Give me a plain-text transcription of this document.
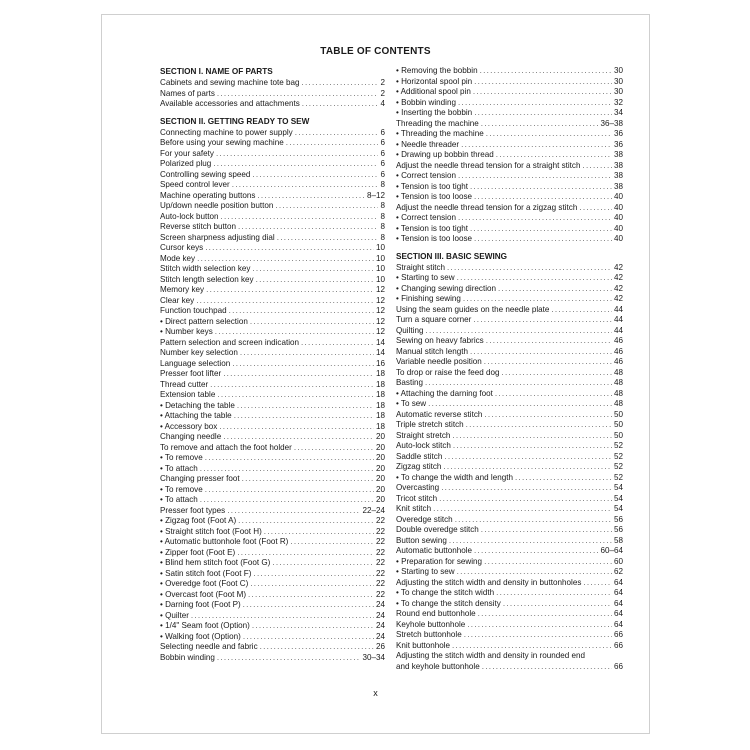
TABLE OF CONTENTS
SECTION I. NAME OF PARTS
Cabinets and sewing machine tote bag . . .	2
Names of parts . . .	2
Available accessories and attachments . . .	4
SECTION II. GETTING READY TO SEW
Connecting machine to power supply . . .	6
Before using your sewing machine . . .	6
For your safety . . .	6
Polarized plug . . .	6
Controlling sewing speed . . .	6
Speed control lever . . .	8
Machine operating buttons . . .	8–12
Up/down needle position button . . .	8
Auto-lock button . . .	8
Reverse stitch button . . .	8
Screen sharpness adjusting dial . . .	8
Cursor keys . . .	10
Mode key . . .	10
Stitch width selection key . . .	10
Stitch length selection key . . .	10
Memory key . . .	12
Clear key . . .	12
Function touchpad . . .	12
• Direct pattern selection . . .	12
• Number keys . . .	12
Pattern selection and screen indication . . .	14
Number key selection . . .	14
Language selection . . .	16
Presser foot lifter . . .	18
Thread cutter . . .	18
Extension table . . .	18
• Detaching the table . . .	18
• Attaching the table . . .	18
• Accessory box . . .	18
Changing needle . . .	20
To remove and attach the foot holder . . .	20
• To remove . . .	20
• To attach . . .	20
Changing presser foot . . .	20
• To remove . . .	20
• To attach . . .	20
Presser foot types . . .	22–24
• Zigzag foot (Foot A) . . .	22
• Straight stitch foot (Foot H) . . .	22
• Automatic buttonhole foot (Foot R) . . .	22
• Zipper foot (Foot E) . . .	22
• Blind hem stitch foot (Foot G) . . .	22
• Satin stitch foot (Foot F) . . .	22
• Overedge foot (Foot C) . . .	22
• Overcast foot (Foot M) . . .	22
• Darning foot (Foot P) . . .	24
• Quilter . . .	24
• 1/4" Seam foot (Option) . . .	24
• Walking foot (Option) . . .	24
Selecting needle and fabric . . .	26
Bobbin winding . . .	30–34
• Removing the bobbin . . .	30
• Horizontal spool pin . . .	30
• Additional spool pin . . .	30
• Bobbin winding . . .	32
• Inserting the bobbin . . .	34
Threading the machine . . .	36–38
• Threading the machine . . .	36
• Needle threader . . .	36
• Drawing up bobbin thread . . .	38
Adjust the needle thread tension for a straight stitch . . .	38
• Correct tension . . .	38
• Tension is too tight . . .	38
• Tension is too loose . . .	40
Adjust the needle thread tension for a zigzag stitch . . .	40
• Correct tension . . .	40
• Tension is too tight . . .	40
• Tension is too loose . . .	40
SECTION III. BASIC SEWING
Straight stitch . . .	42
• Starting to sew . . .	42
• Changing sewing direction . . .	42
• Finishing sewing . . .	42
Using the seam guides on the needle plate . . .	44
Turn a square corner . . .	44
Quilting . . .	44
Sewing on heavy fabrics . . .	46
Manual stitch length . . .	46
Variable needle position . . .	46
To drop or raise the feed dog . . .	48
Basting . . .	48
• Attaching the darning foot . . .	48
• To sew . . .	48
Automatic reverse stitch . . .	50
Triple stretch stitch . . .	50
Straight stretch . . .	50
Auto-lock stitch . . .	52
Saddle stitch . . .	52
Zigzag stitch . . .	52
• To change the width and length . . .	52
Overcasting . . .	54
Tricot stitch . . .	54
Knit stitch . . .	54
Overedge stitch . . .	56
Double overedge stitch . . .	56
Button sewing . . .	58
Automatic buttonhole . . .	60–64
• Preparation for sewing . . .	60
• Starting to sew . . .	62
Adjusting the stitch width and density in buttonholes . . .	64
• To change the stitch width . . .	64
• To change the stitch density . . .	64
Round end buttonhole . . .	64
Keyhole buttonhole . . .	64
Stretch buttonhole . . .	66
Knit buttonhole . . .	66
Adjusting the stitch width and density in rounded end
and keyhole buttonhole . . .	66
x
